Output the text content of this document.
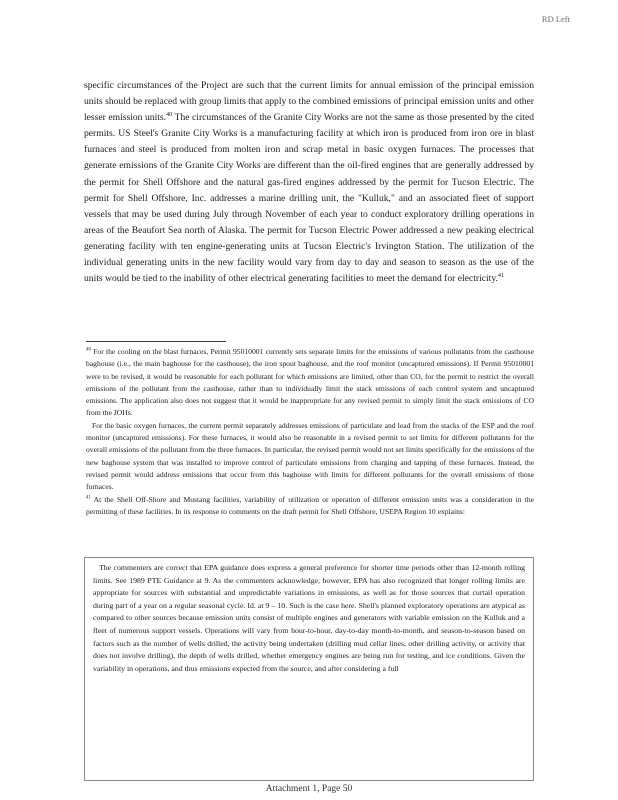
RD Left

specific circumstances of the Project are such that the current limits for annual emission of the principal emission units should be replaced with group limits that apply to the combined emissions of principal emission units and other lesser emission units.$^{40}$ The circumstances of the Granite City Works are not the same as those presented by the cited permits. US Steel's Granite City Works is a manufacturing facility at which iron is produced from iron ore in blast furnaces and steel is produced from molten iron and scrap metal in basic oxygen furnaces. The processes that generate emissions of the Granite City Works are different than the oil-fired engines that are generally addressed by the permit for Shell Offshore and the natural gas-fired engines addressed by the permit for Tucson Electric. The permit for Shell Offshore, Inc. addresses a marine drilling unit, the "Kulluk," and an associated fleet of support vessels that may be used during July through November of each year to conduct exploratory drilling operations in areas of the Beaufort Sea north of Alaska. The permit for Tucson Electric Power addressed a new peaking electrical generating facility with ten engine-generating units at Tucson Electric's Irvington Station. The utilization of the individual generating units in the new facility would vary from day to day and season to season as the use of the units would be tied to the inability of other electrical generating facilities to meet the demand for electricity.$^{41}$

$^{40}$ For the cooling on the blast furnaces, Permit 95010001 currently sets separate limits for the emissions of various pollutants from the casthouse baghouse (i.e., the main baghouse for the casthouse), the iron spout baghouse, and the roof monitor (uncaptured emissions). If Permit 95010001 were to be revised, it would be reasonable for each pollutant for which emissions are limited, other than CO, for the permit to restrict the overall emissions of the pollutant from the casthouse, rather than to individually limit the stack emissions of each control system and uncaptured emissions. The application also does not suggest that it would be inappropriate for any revised permit to simply limit the stack emissions of CO from the JOHs.

For the basic oxygen furnaces, the current permit separately addresses emissions of particulate and lead from the stacks of the ESP and the roof monitor (uncaptured emissions). For these furnaces, it would also be reasonable in a revised permit to set limits for different pollutants for the overall emissions of the pollutant from the three furnaces. In particular, the revised permit would not set limits specifically for the emissions of the new baghouse system that was installed to improve control of particulate emissions from charging and tapping of these furnaces. Instead, the revised permit would address emissions that occur from this baghouse with limits for different pollutants for the overall emissions of those furnaces.

$^{41}$ At the Shell Off-Shore and Mustang facilities, variability of utilization or operation of different emission units was a consideration in the permitting of these facilities. In its response to comments on the draft permit for Shell Offshore, USEPA Region 10 explains:

The commenters are correct that EPA guidance does express a general preference for shorter time periods other than 12-month rolling limits. See 1989 PTE Guidance at 9. As the commenters acknowledge, however, EPA has also recognized that longer rolling limits are appropriate for sources with substantial and unpredictable variations in emissions, as well as for those sources that curtail operation during part of a year on a regular seasonal cycle. Id. at 9 – 10. Such is the case here. Shell's planned exploratory operations are atypical as compared to other sources because emission units consist of multiple engines and generators with variable emission on the Kulluk and a fleet of numerous support vessels. Operations will vary from hour-to-hour, day-to-day month-to-month, and season-to-season based on factors such as the number of wells drilled, the activity being undertaken (drilling mud cellar lines, other drilling activity, or activity that does not involve drilling), the depth of wells drilled, whether emergency engines are being run for testing, and ice conditions. Given the variability in operations, and thus emissions expected from the source, and after considering a full

Attachment 1, Page 50
